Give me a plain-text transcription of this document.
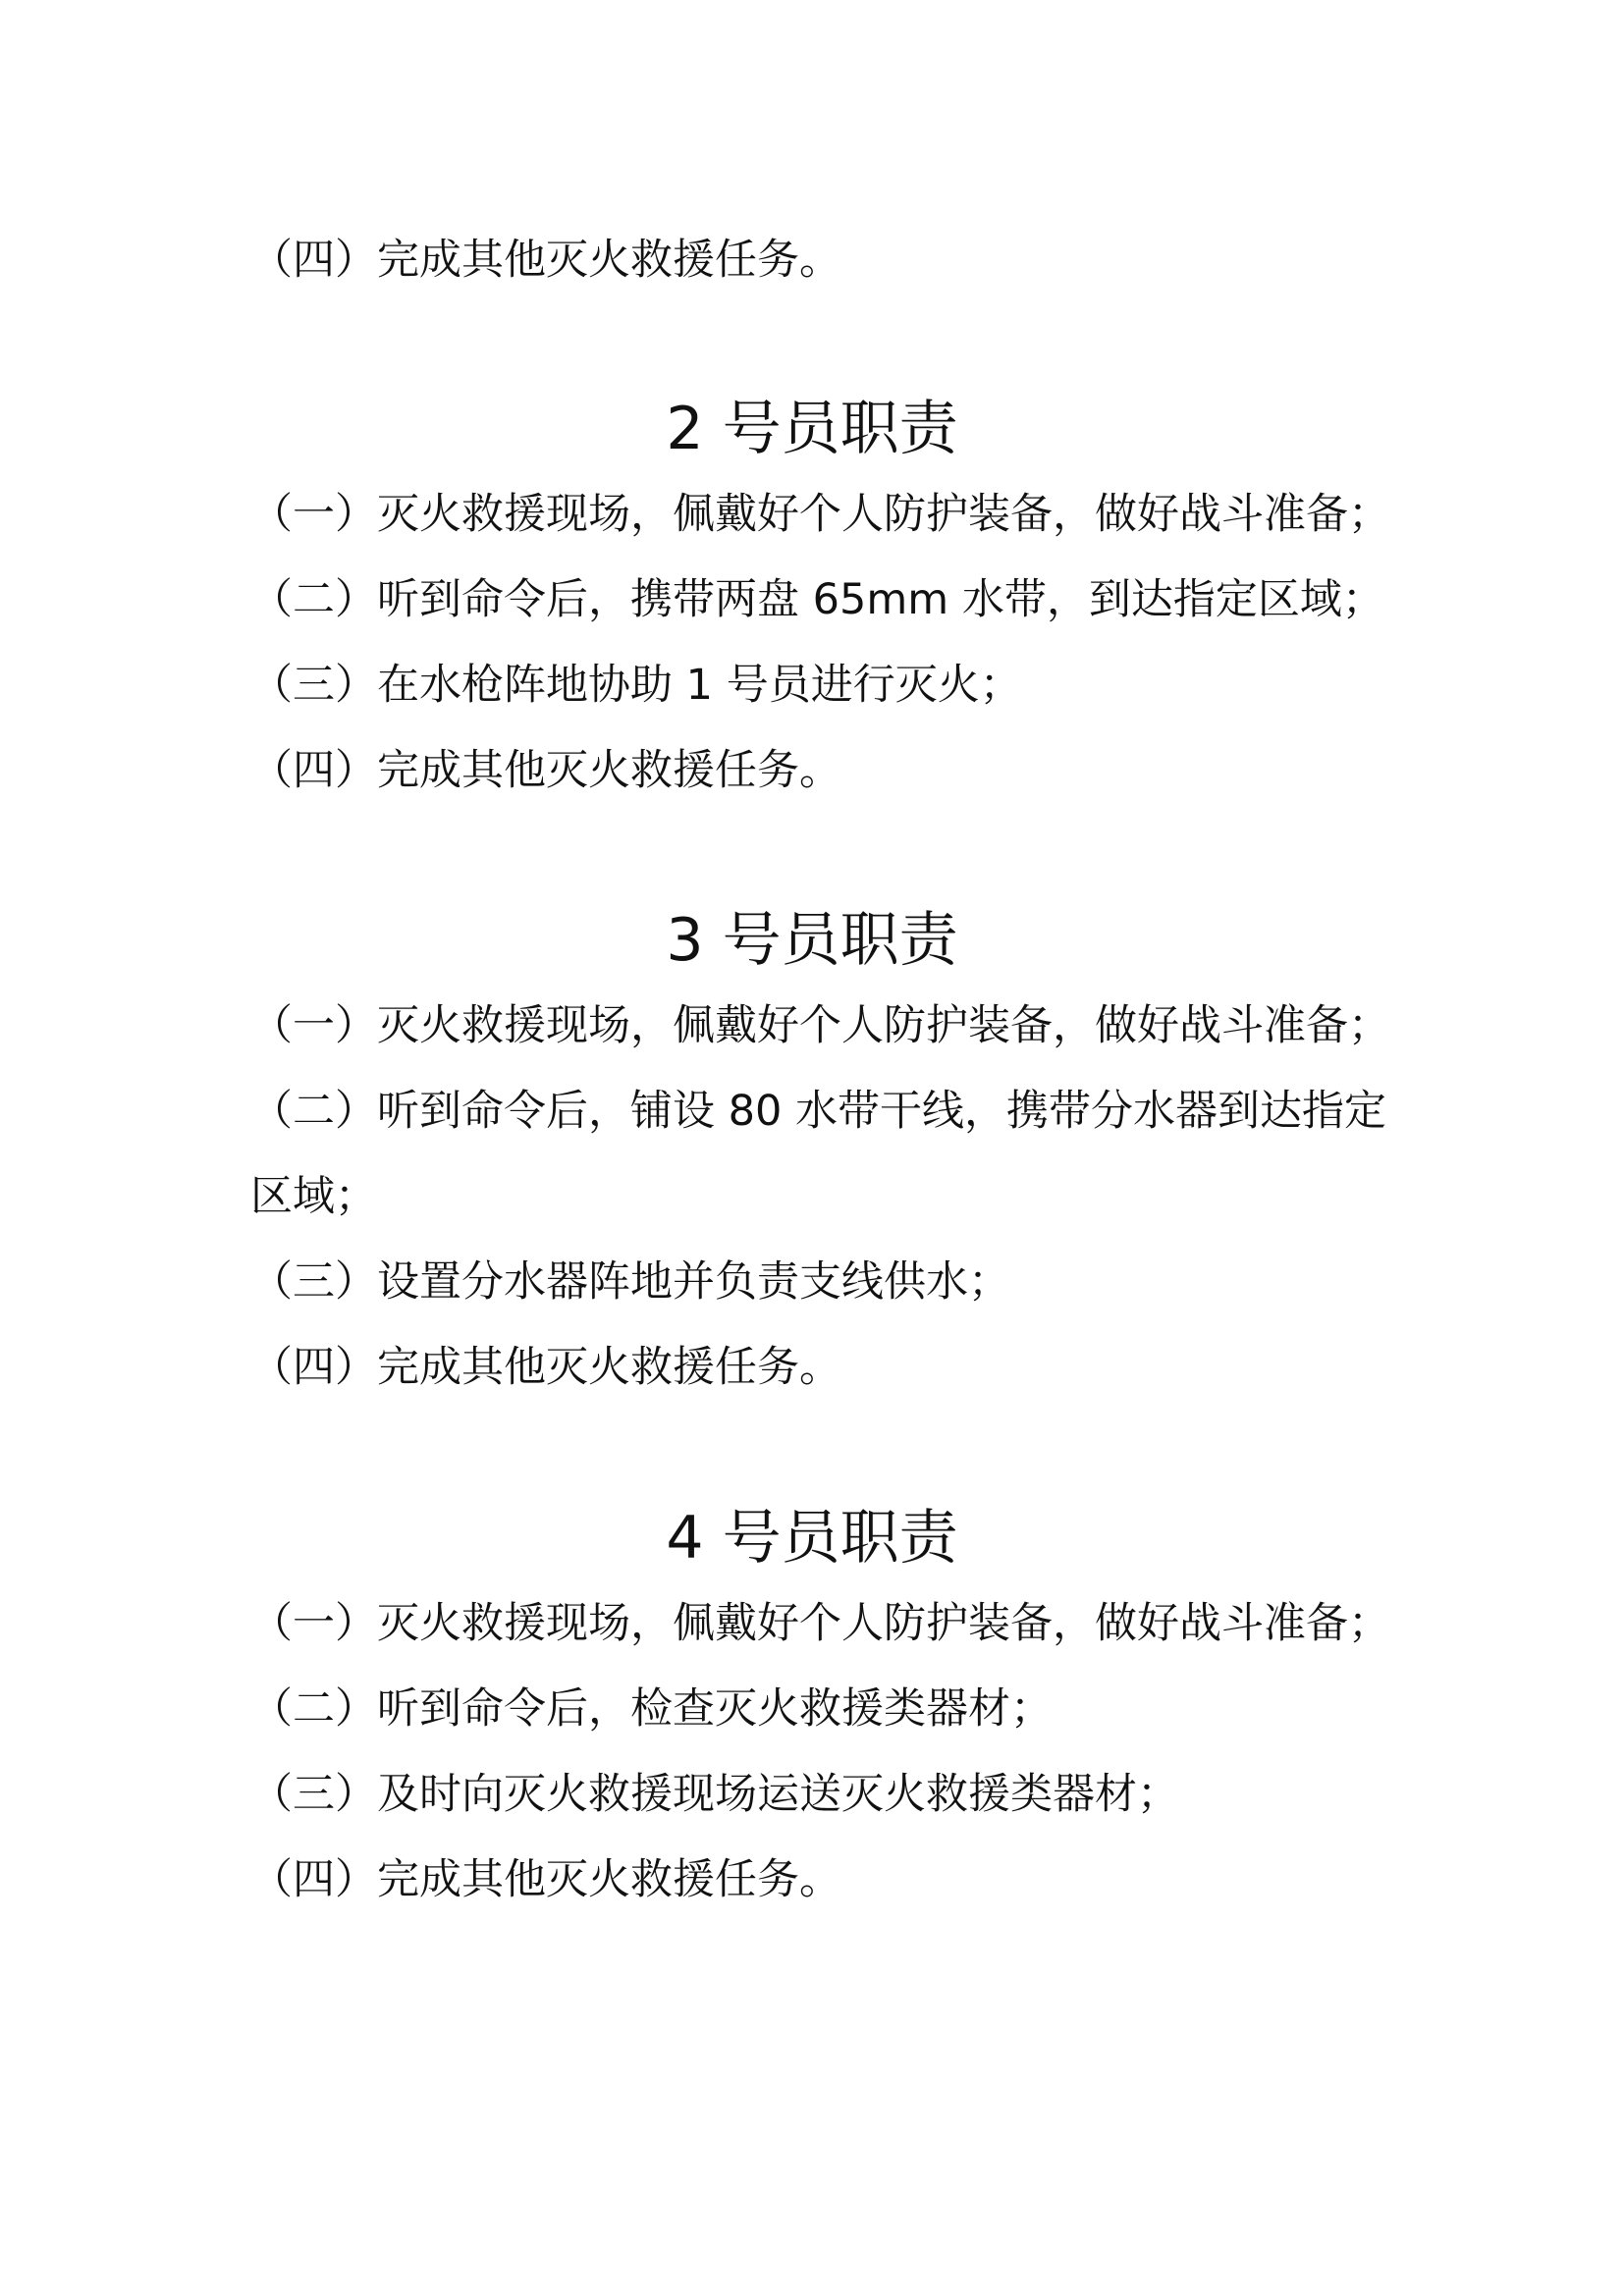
（四）完成其他灭火救援任务。
2 号员职责
（一）灭火救援现场，佩戴好个人防护装备，做好战斗准备；
（二）听到命令后，携带两盘 65mm 水带，到达指定区域；
（三）在水枪阵地协助 1 号员进行灭火；
（四）完成其他灭火救援任务。
3 号员职责
（一）灭火救援现场，佩戴好个人防护装备，做好战斗准备；
（二）听到命令后，铺设 80 水带干线，携带分水器到达指定
区域；
（三）设置分水器阵地并负责支线供水；
（四）完成其他灭火救援任务。
4 号员职责
（一）灭火救援现场，佩戴好个人防护装备，做好战斗准备；
（二）听到命令后，检查灭火救援类器材；
（三）及时向灭火救援现场运送灭火救援类器材；
（四）完成其他灭火救援任务。
